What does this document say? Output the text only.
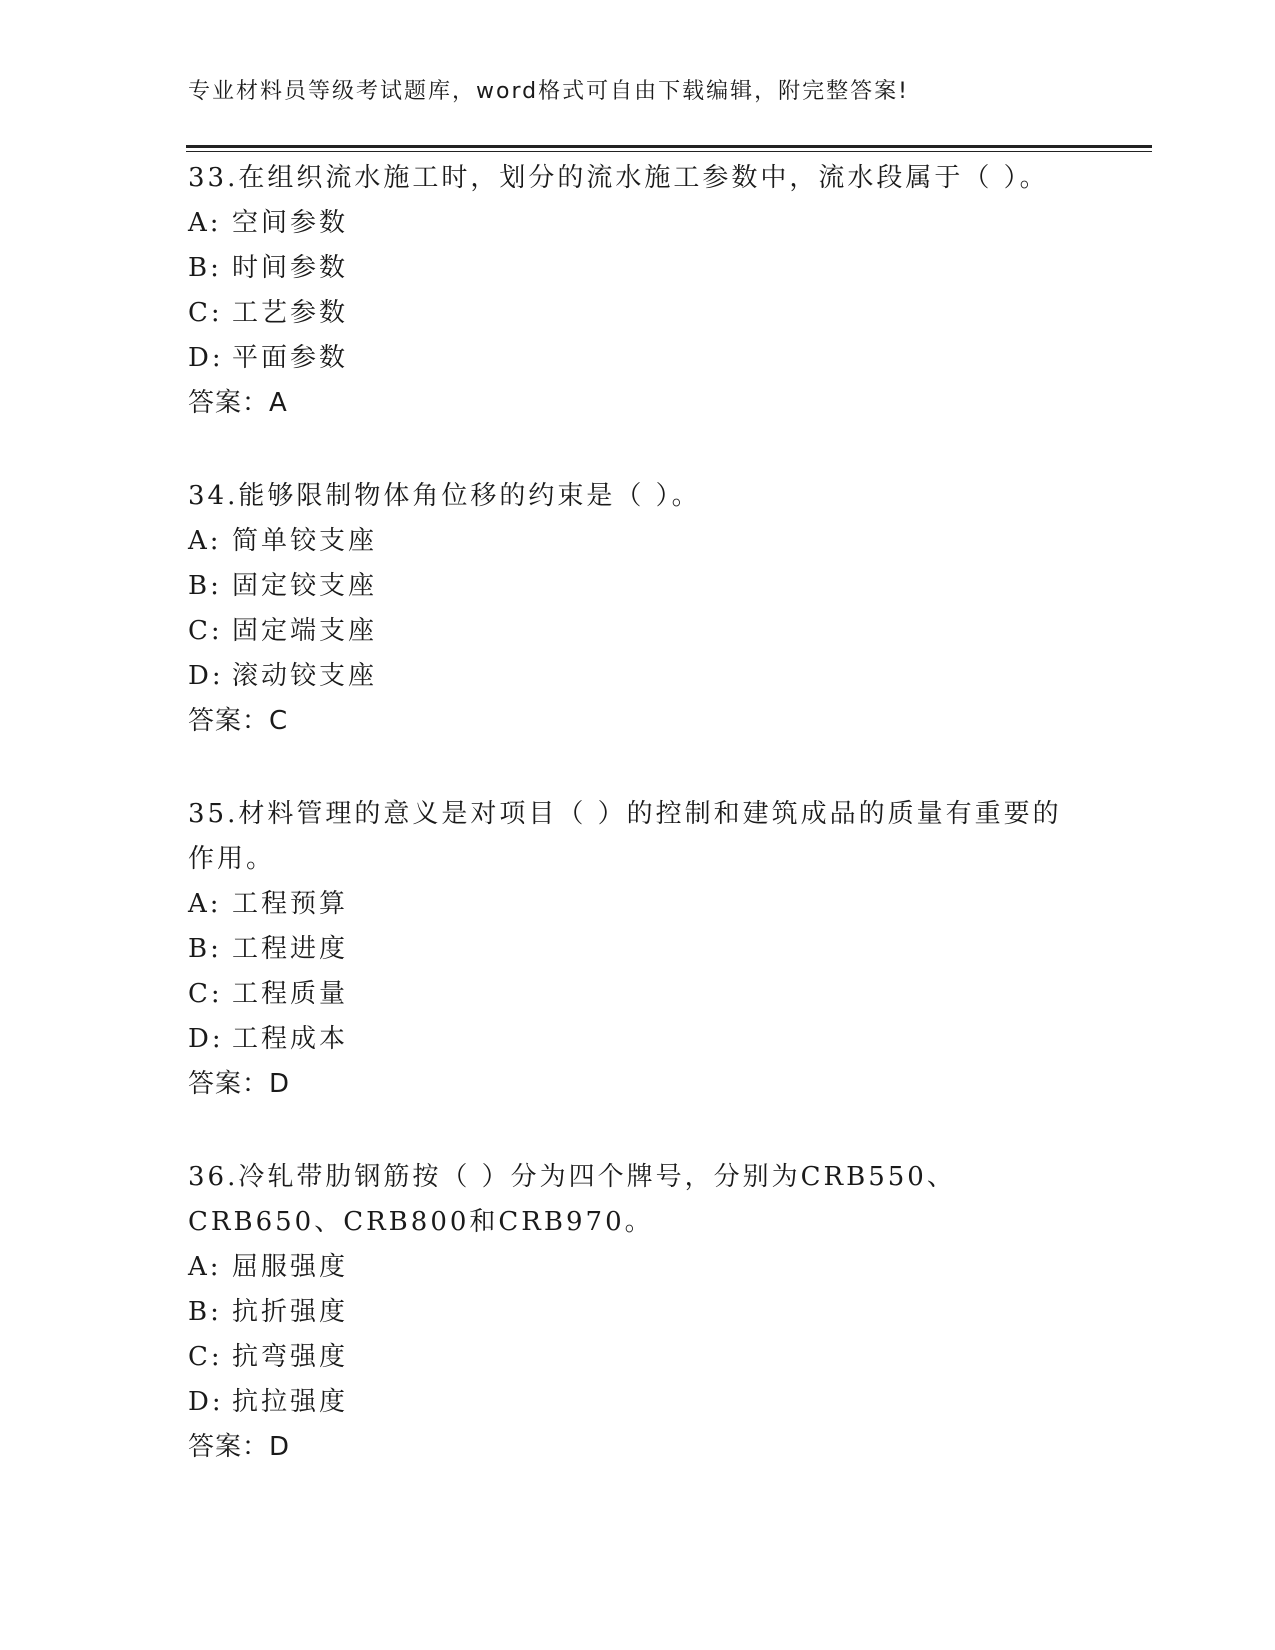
专业材料员等级考试题库，word格式可自由下载编辑，附完整答案!

33.在组织流水施工时，划分的流水施工参数中，流水段属于（ ）。

A: 空间参数

B: 时间参数

C: 工艺参数

D: 平面参数

答案：A

34.能够限制物体角位移的约束是（ ）。

A: 简单铰支座

B: 固定铰支座

C: 固定端支座

D: 滚动铰支座

答案：C

35.材料管理的意义是对项目（ ）的控制和建筑成品的质量有重要的作用。

A: 工程预算

B: 工程进度

C: 工程质量

D: 工程成本

答案：D

36.冷轧带肋钢筋按（ ）分为四个牌号，分别为CRB550、CRB650、CRB800和CRB970。

A: 屈服强度

B: 抗折强度

C: 抗弯强度

D: 抗拉强度

答案：D
